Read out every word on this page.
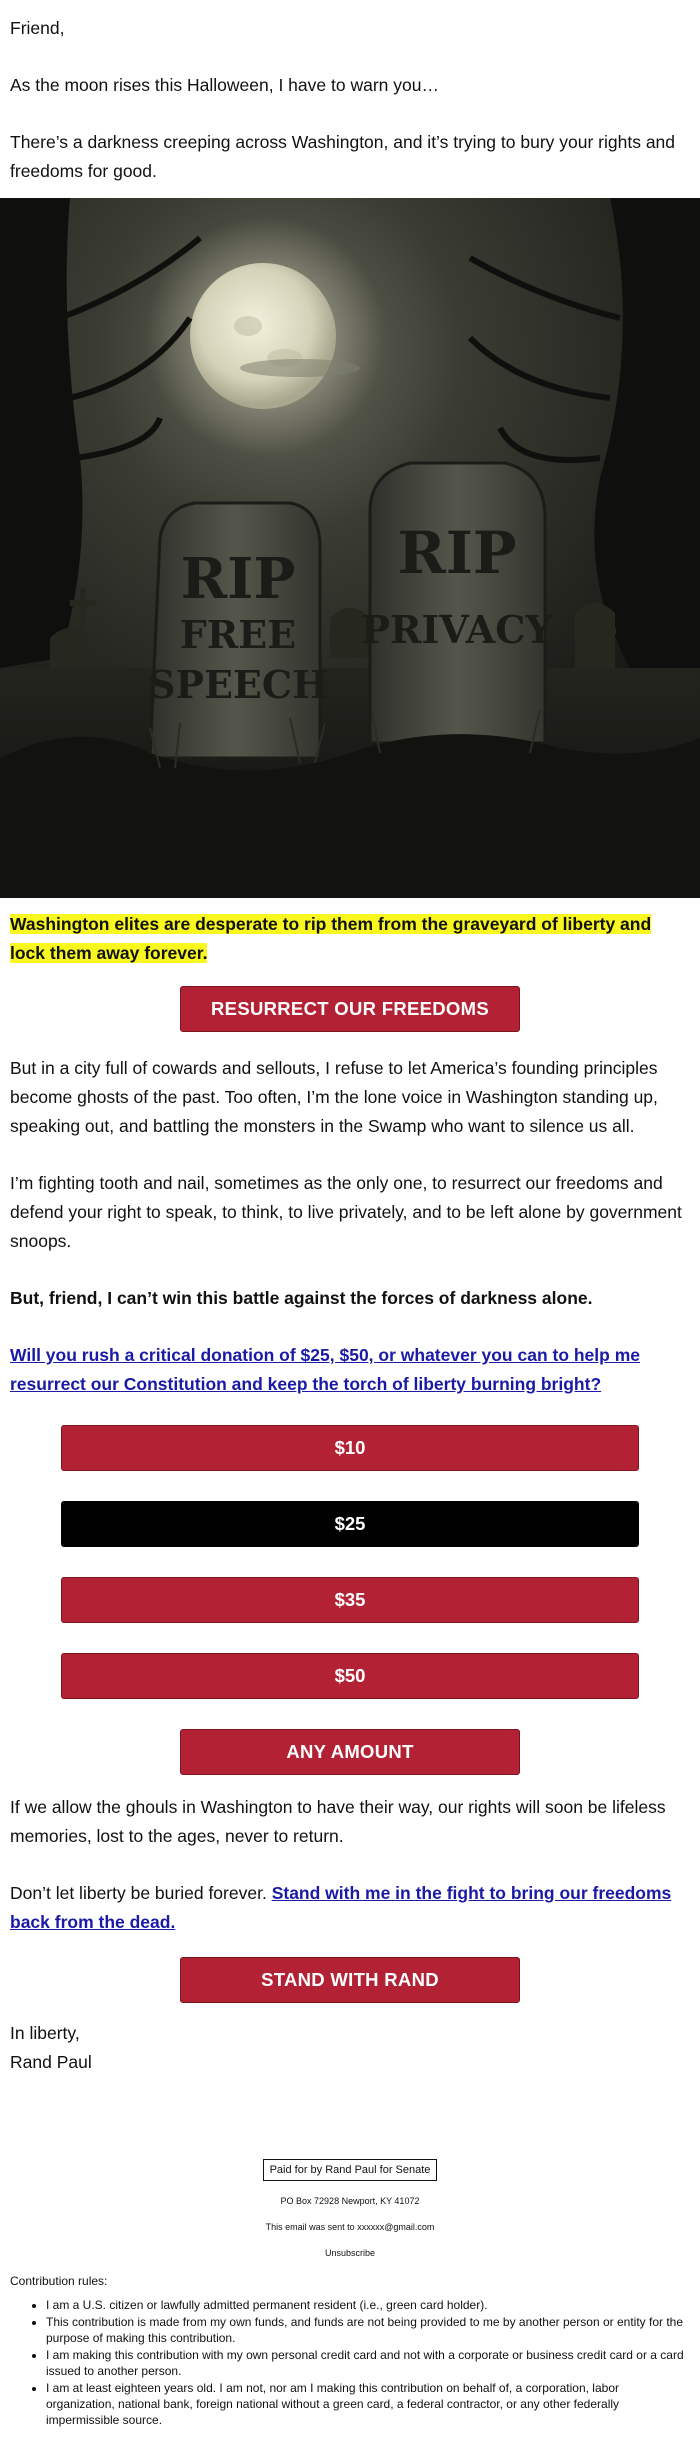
Friend,

As the moon rises this Halloween, I have to warn you…

There’s a darkness creeping across Washington, and it’s trying to bury your rights and freedoms for good.

RIP
FREE
SPEECH
RIP
PRIVACY

Washington elites are desperate to rip them from the graveyard of liberty and lock them away forever.

RESURRECT OUR FREEDOMS

But in a city full of cowards and sellouts, I refuse to let America’s founding principles become ghosts of the past. Too often, I’m the lone voice in Washington standing up, speaking out, and battling the monsters in the Swamp who want to silence us all.

I’m fighting tooth and nail, sometimes as the only one, to resurrect our freedoms and defend your right to speak, to think, to live privately, and to be left alone by government snoops.

But, friend, I can’t win this battle against the forces of darkness alone.

Will you rush a critical donation of $25, $50, or whatever you can to help me resurrect our Constitution and keep the torch of liberty burning bright?

$10
$25
$35
$50
ANY AMOUNT

If we allow the ghouls in Washington to have their way, our rights will soon be lifeless memories, lost to the ages, never to return.

Don’t let liberty be buried forever. Stand with me in the fight to bring our freedoms back from the dead.

STAND WITH RAND

In liberty,

Rand Paul

Paid for by Rand Paul for Senate

PO Box 72928 Newport, KY 41072

This email was sent to xxxxxx@gmail.com

Unsubscribe

Contribution rules:

• I am a U.S. citizen or lawfully admitted permanent resident (i.e., green card holder).
• This contribution is made from my own funds, and funds are not being provided to me by another person or entity for the purpose of making this contribution.
• I am making this contribution with my own personal credit card and not with a corporate or business credit card or a card issued to another person.
• I am at least eighteen years old. I am not, nor am I making this contribution on behalf of, a corporation, labor organization, national bank, foreign national without a green card, a federal contractor, or any other federally impermissible source.
